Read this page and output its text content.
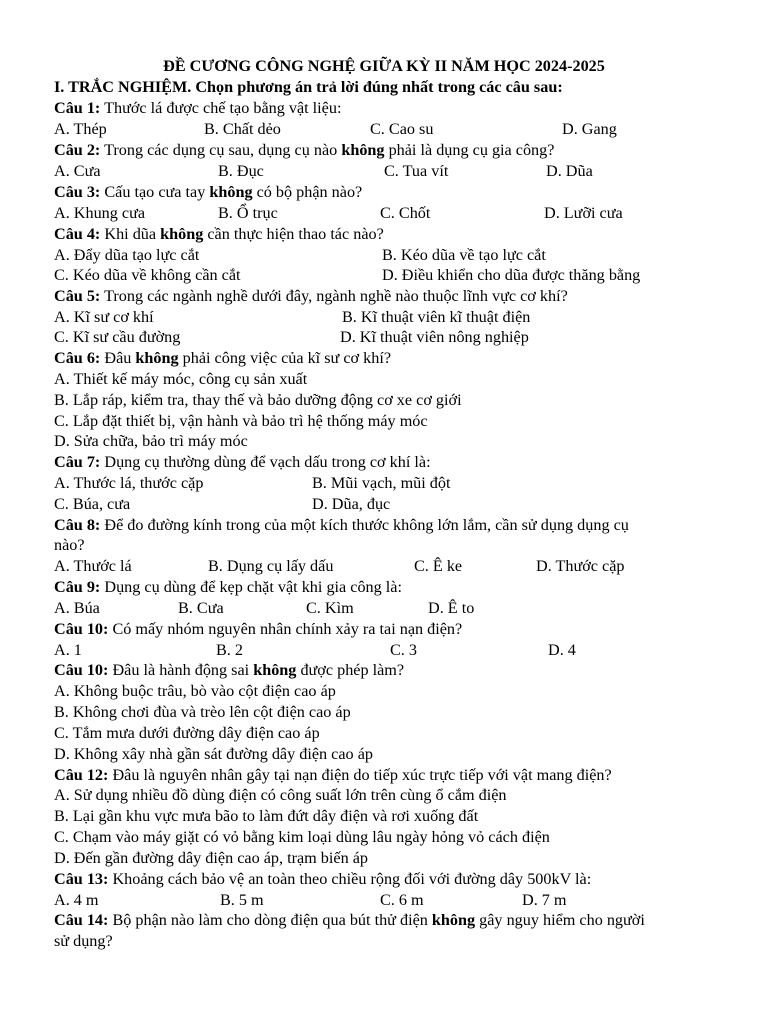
ĐỀ CƯƠNG CÔNG NGHỆ GIỮA KỲ II NĂM HỌC 2024-2025
I. TRẮC NGHIỆM. Chọn phương án trả lời đúng nhất trong các câu sau:
Câu 1: Thước lá được chế tạo bằng vật liệu:
A. Thép	B. Chất dẻo	C. Cao su	D. Gang
Câu 2: Trong các dụng cụ sau, dụng cụ nào không phải là dụng cụ gia công?
A. Cưa	B. Đục	C. Tua vít	D. Dũa
Câu 3: Cấu tạo cưa tay không có bộ phận nào?
A. Khung cưa	B. Ổ trục	C. Chốt	D. Lưỡi cưa
Câu 4: Khi dũa không cần thực hiện thao tác nào?
A. Đẩy dũa tạo lực cắt	B. Kéo dũa về tạo lực cắt
C. Kéo dũa về không cần cắt	D. Điều khiển cho dũa được thăng bằng
Câu 5: Trong các ngành nghề dưới đây, ngành nghề nào thuộc lĩnh vực cơ khí?
A. Kĩ sư cơ khí	B. Kĩ thuật viên kĩ thuật điện
C. Kĩ sư cầu đường	D. Kĩ thuật viên nông nghiệp
Câu 6: Đâu không phải công việc của kĩ sư cơ khí?
A. Thiết kế máy móc, công cụ sản xuất
B. Lắp ráp, kiểm tra, thay thế và bảo dưỡng động cơ xe cơ giới
C. Lắp đặt thiết bị, vận hành và bảo trì hệ thống máy móc
D. Sửa chữa, bảo trì máy móc
Câu 7: Dụng cụ thường dùng để vạch dấu trong cơ khí là:
A. Thước lá, thước cặp	B. Mũi vạch, mũi đột
C. Búa, cưa	D. Dũa, đục
Câu 8: Để đo đường kính trong của một kích thước không lớn lắm, cần sử dụng dụng cụ
nào?
A. Thước lá	B. Dụng cụ lấy dấu	C. Ê ke	D. Thước cặp
Câu 9: Dụng cụ dùng để kẹp chặt vật khi gia công là:
A. Búa	B. Cưa	C. Kìm	D. Ê to
Câu 10: Có mấy nhóm nguyên nhân chính xảy ra tai nạn điện?
A. 1	B. 2	C. 3	D. 4
Câu 10: Đâu là hành động sai không được phép làm?
A. Không buộc trâu, bò vào cột điện cao áp
B. Không chơi đùa và trèo lên cột điện cao áp
C. Tắm mưa dưới đường dây điện cao áp
D. Không xây nhà gần sát đường dây điện cao áp
Câu 12: Đâu là nguyên nhân gây tại nạn điện do tiếp xúc trực tiếp với vật mang điện?
A. Sử dụng nhiều đồ dùng điện có công suất lớn trên cùng ổ cắm điện
B. Lại gần khu vực mưa bão to làm đứt dây điện và rơi xuống đất
C. Chạm vào máy giặt có vỏ bằng kim loại dùng lâu ngày hỏng vỏ cách điện
D. Đến gần đường dây điện cao áp, trạm biến áp
Câu 13: Khoảng cách bảo vệ an toàn theo chiều rộng đối với đường dây 500kV là:
A. 4 m	B. 5 m	C. 6 m	D. 7 m
Câu 14: Bộ phận nào làm cho dòng điện qua bút thử điện không gây nguy hiểm cho người
sử dụng?
